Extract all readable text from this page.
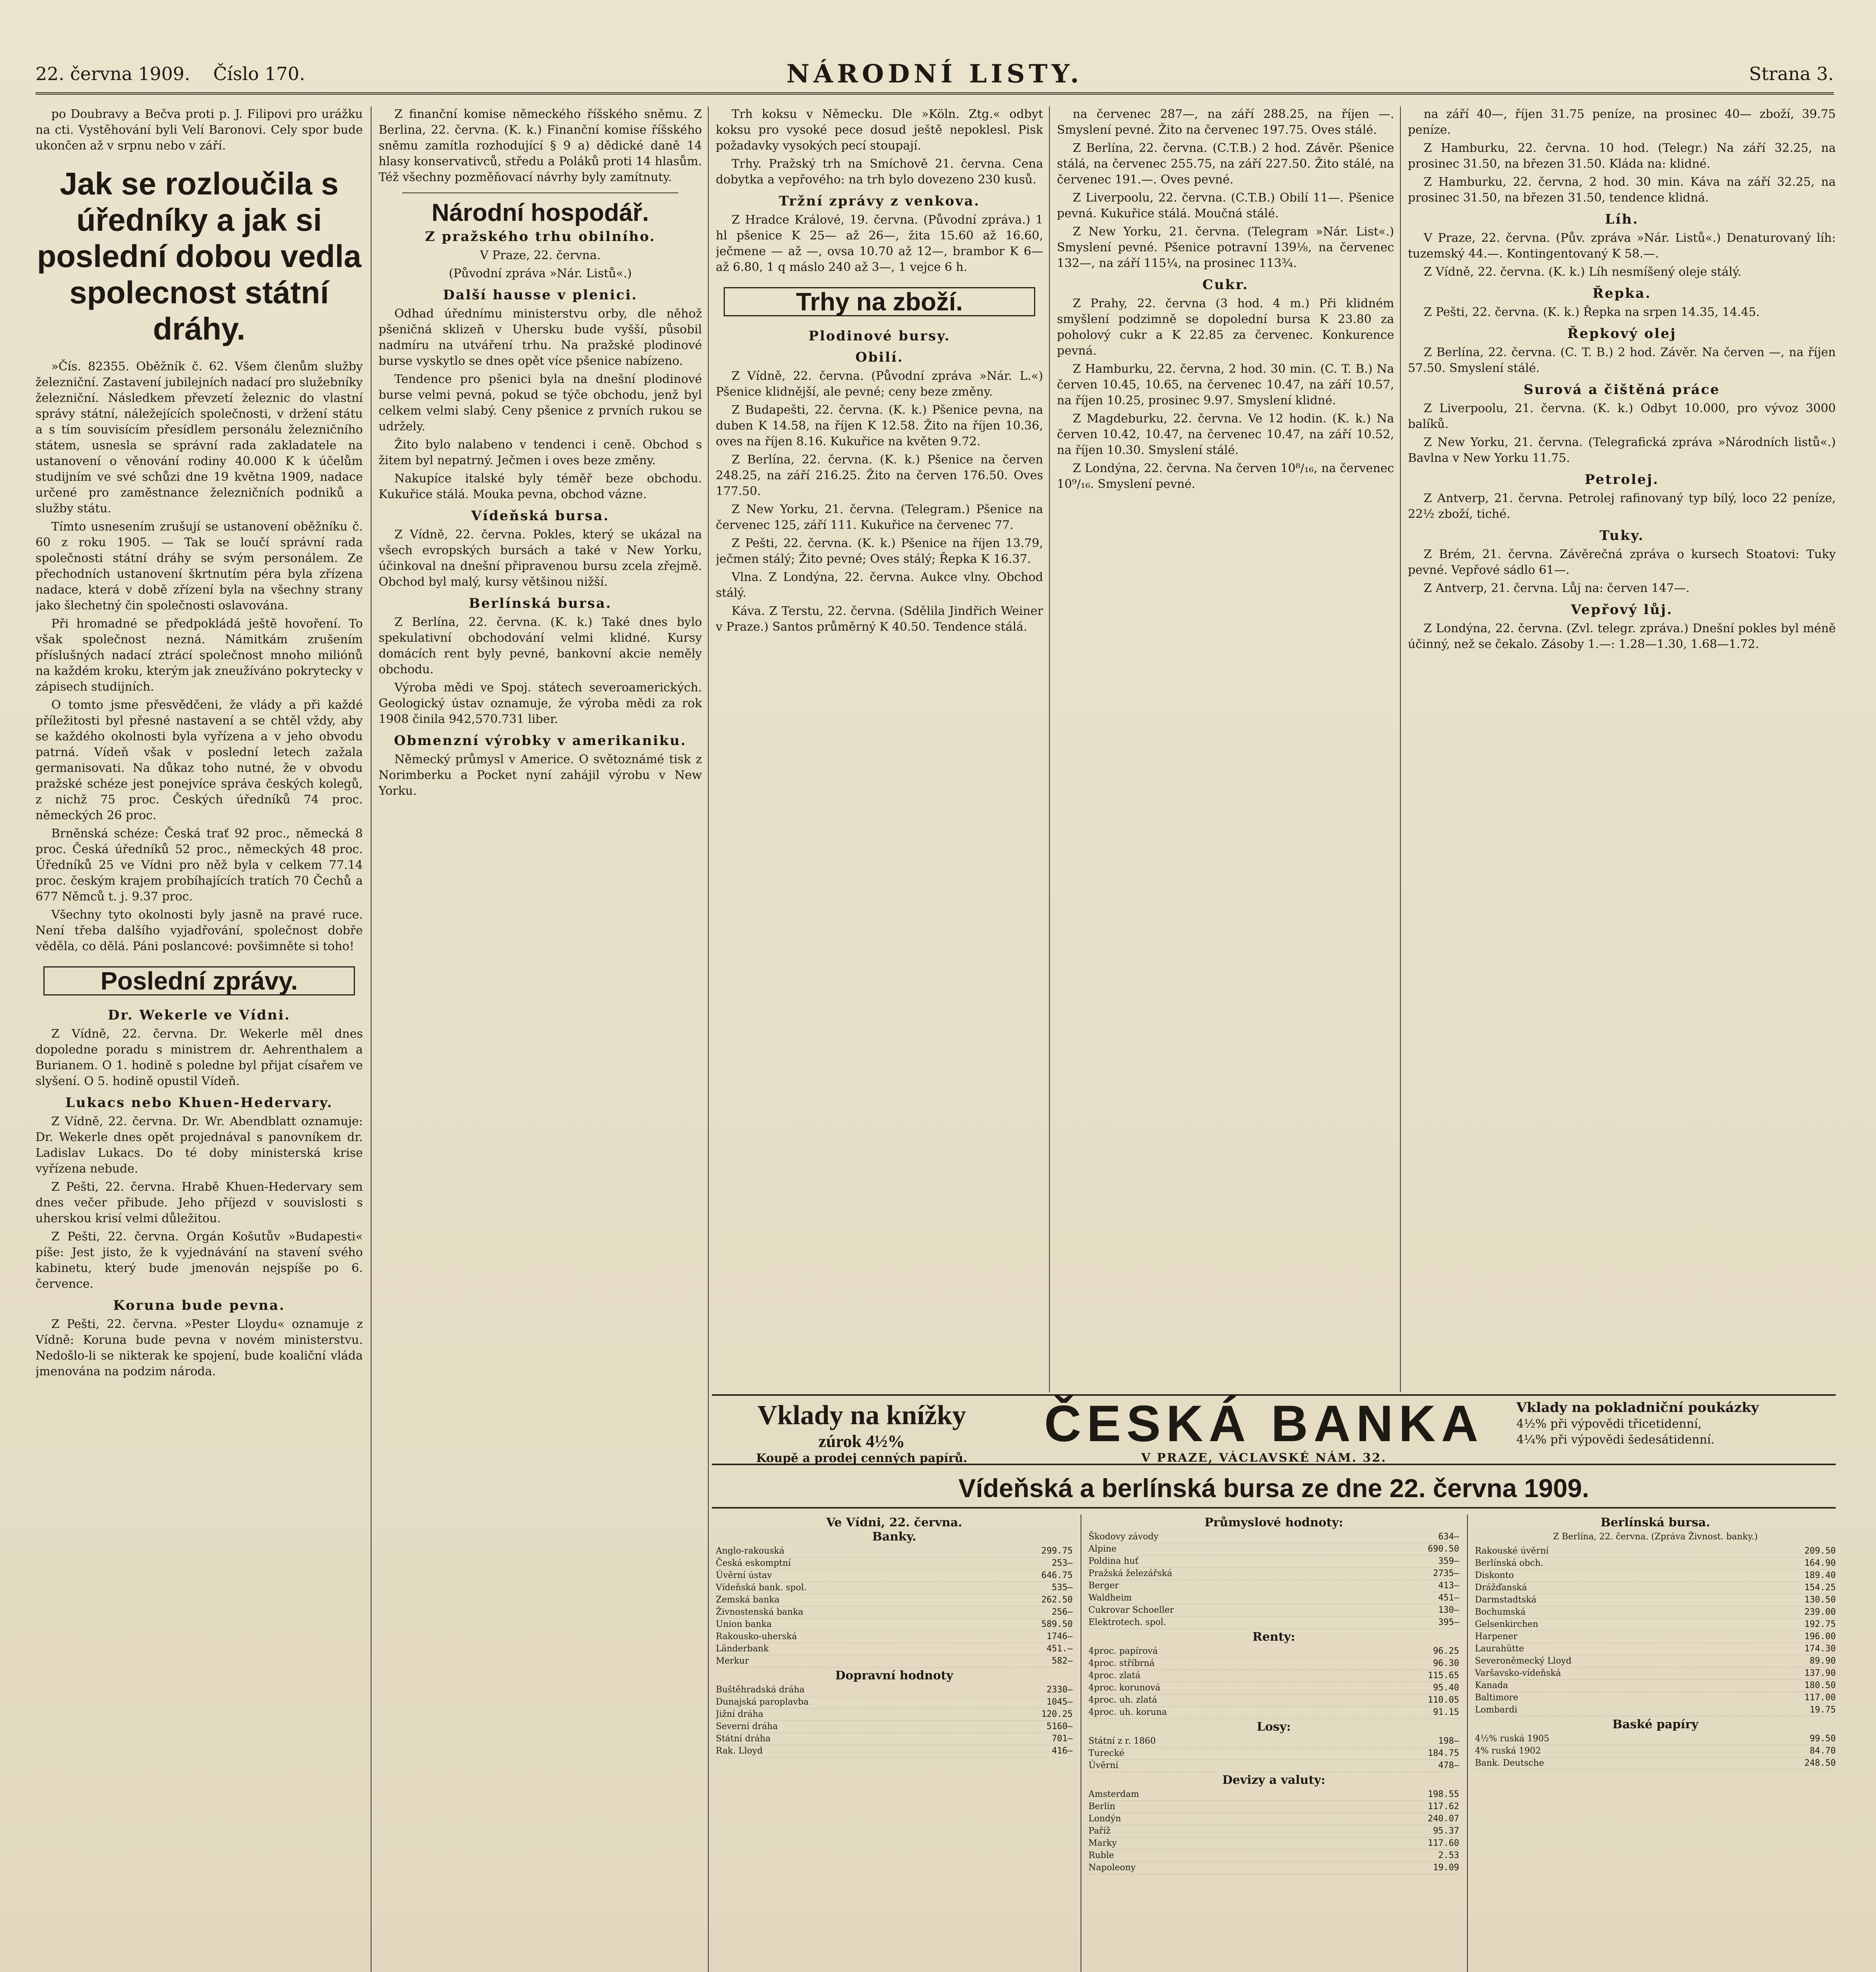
22. června 1909. Číslo 170.	NÁRODNÍ LISTY.	Strana 3.

po Doubravy a Bečva proti p. J. Filipovi pro urážku na cti. Vystěhování byli Velí Baronovi. Cely spor bude ukončen až v srpnu nebo v září.

Jak se rozloučila s úředníky a jak si poslední dobou vedla spolecnost státní dráhy.

»Čís. 82355. Oběžník č. 62. Všem členům služby železniční. Zastavení jubilejních nadací pro služebníky železniční. Následkem převzetí železnic do vlastní správy státní, náležejících společnosti, v držení státu a s tím souvisícím přesídlem personálu železničního státem, usnesla se správní rada zakladatele na ustanovení o věnování rodiny 40.000 K k účelům studijním ve své schůzi dne 19 května 1909, nadace určené pro zaměstnance železničních podniků a služby státu.

Tímto usnesením zrušují se ustanovení oběžníku č. 60 z roku 1905. — Tak se loučí správní rada společnosti státní dráhy se svým personálem. Ze přechodních ustanovení škrtnutím péra byla zřízena nadace, která v době zřízení byla na všechny strany jako šlechetný čin společnosti oslavována.

Při hromadné se předpokládá ještě hovoření. To však společnost nezná. Námitkám zrušením příslušných nadací ztrácí společnost mnoho miliónů na každém kroku, kterým jak zneužíváno pokrytecky v zápisech studijních.

O tomto jsme přesvědčeni, že vlády a při každé příležitosti byl přesné nastavení a se chtěl vždy, aby se každého okolnosti byla vyřízena a v jeho obvodu patrná. Vídeň však v poslední letech zažala germanisovati. Na důkaz toho nutné, že v obvodu pražské schéze jest ponejvíce správa českých kolegů, z nichž 75 proc. Českých úředníků 74 proc. německých 26 proc.

Brněnská schéze: Česká trať 92 proc., německá 8 proc. Česká úředníků 52 proc., německých 48 proc. Úředníků 25 ve Vídni pro něž byla v celkem 77.14 proc. českým krajem probíhajících tratích 70 Čechů a 677 Němců t. j. 9.37 proc.

Všechny tyto okolnosti byly jasně na pravé ruce. Není třeba dalšího vyjadřování, společnost dobře věděla, co dělá. Páni poslancové: povšimněte si toho!

Poslední zprávy.
Dr. Wekerle ve Vídni.

Z Vídně, 22. června. Dr. Wekerle měl dnes dopoledne poradu s ministrem dr. Aehrenthalem a Burianem. O 1. hodině s poledne byl přijat císařem ve slyšení. O 5. hodině opustil Vídeň.

Lukacs nebo Khuen-Hedervary.

Z Vídně, 22. června. Dr. Wr. Abendblatt oznamuje: Dr. Wekerle dnes opět projednával s panovníkem dr. Ladislav Lukacs. Do té doby ministerská krise vyřízena nebude.

Z Pešti, 22. června. Hrabě Khuen-Hedervary sem dnes večer přibude. Jeho příjezd v souvislosti s uherskou krisí velmi důležitou.

Z Pešti, 22. června. Orgán Košutův »Budapesti« píše: Jest jisto, že k vyjednávání na stavení svého kabinetu, který bude jmenován nejspíše po 6. července.

Koruna bude pevna.

Z Pešti, 22. června. »Pester Lloydu« oznamuje z Vídně: Koruna bude pevna v novém ministerstvu. Nedošlo-li se nikterak ke spojení, bude koaliční vláda jmenována na podzim národa.

Z finanční komise německého říšského sněmu. Z Berlina, 22. června. (K. k.) Finanční komise říšského sněmu zamítla rozhodující § 9 a) dědické daně 14 hlasy konservativců, středu a Poláků proti 14 hlasům. Též všechny pozměňovací návrhy byly zamítnuty.

Národní hospodář.
Z pražského trhu obilního.
V Praze, 22. června.
(Původní zpráva »Nár. Listů«.)
Další hausse v plenici.

Odhad úřednímu ministerstvu orby, dle něhož pšeničná sklizeň v Uhersku bude vyšší, působil nadmíru na utváření trhu. Na pražské plodinové burse vyskytlo se dnes opět více pšenice nabízeno.

Tendence pro pšenici byla na dnešní plodinové burse velmi pevná, pokud se týče obchodu, jenž byl celkem velmi slabý. Ceny pšenice z prvních rukou se udržely.

Žito bylo nalabeno v tendenci i ceně. Obchod s žitem byl nepatrný. Ječmen i oves beze změny.

Nakupíce italské byly téměř beze obchodu. Kukuřice stálá. Mouka pevna, obchod vázne.

Vídeňská bursa.

Z Vídně, 22. června. Pokles, který se ukázal na všech evropských bursách a také v New Yorku, účinkoval na dnešní připravenou bursu zcela zřejmě. Obchod byl malý, kursy většinou nižší.

Berlínská bursa.

Z Berlína, 22. června. (K. k.) Také dnes bylo spekulativní obchodování velmi klidné. Kursy domácích rent byly pevné, bankovní akcie neměly obchodu.

Výroba mědi ve Spoj. státech severoamerických. Geologický ústav oznamuje, že výroba mědi za rok 1908 činila 942,570.731 liber.

Obmenzní výrobky v amerikaniku.

Německý průmysl v Americe. O světoznámé tisk z Norimberku a Pocket nyní zahájil výrobu v New Yorku.

Trh koksu v Německu. Dle »Köln. Ztg.« odbyt koksu pro vysoké pece dosud ještě nepoklesl. Pisk požadavky vysokých pecí stoupají.

Trhy. Pražský trh na Smíchově 21. června. Cena dobytka a vepřového: na trh bylo dovezeno 230 kusů.

Tržní zprávy z venkova.

Z Hradce Králové, 19. června. (Původní zpráva.) 1 hl pšenice K 25— až 26—, žita 15.60 až 16.60, ječmene — až —, ovsa 10.70 až 12—, brambor K 6— až 6.80, 1 q máslo 240 až 3—, 1 vejce 6 h.

Trhy na zboží.
Plodinové bursy.
Obilí.

Z Vídně, 22. června. (Původní zpráva »Nár. L.«) Pšenice klidnější, ale pevné; ceny beze změny.

Z Budapešti, 22. června. (K. k.) Pšenice pevna, na duben K 14.58, na říjen K 12.58. Žito na říjen 10.36, oves na říjen 8.16. Kukuřice na květen 9.72.

Z Berlína, 22. června. (K. k.) Pšenice na červen 248.25, na září 216.25. Žito na červen 176.50. Oves 177.50.

Z New Yorku, 21. června. (Telegram.) Pšenice na červenec 125, září 111. Kukuřice na červenec 77.

Z Pešti, 22. června. (K. k.) Pšenice na říjen 13.79, ječmen stálý; Žito pevné; Oves stálý; Řepka K 16.37.

Vlna. Z Londýna, 22. června. Aukce vlny. Obchod stálý.

Káva. Z Terstu, 22. června. (Sdělila Jindřich Weiner v Praze.) Santos průměrný K 40.50. Tendence stálá.

na červenec 287—, na září 288.25, na říjen —. Smyslení pevné. Žito na červenec 197.75. Oves stálé.

Z Berlína, 22. června. (C.T.B.) 2 hod. Závěr. Pšenice stálá, na červenec 255.75, na září 227.50. Žito stálé, na červenec 191.—. Oves pevné.

Z Liverpoolu, 22. června. (C.T.B.) Obilí 11—. Pšenice pevná. Kukuřice stálá. Moučná stálé.

Z New Yorku, 21. června. (Telegram »Nár. List«.) Smyslení pevné. Pšenice potravní 139⅛, na červenec 132—, na září 115¼, na prosinec 113¾.

Cukr.

Z Prahy, 22. června (3 hod. 4 m.) Při klidném smyšlení podzimně se dopolední bursa K 23.80 za poholový cukr a K 22.85 za červenec. Konkurence pevná.

Z Hamburku, 22. června, 2 hod. 30 min. (C. T. B.) Na červen 10.45, 10.65, na červenec 10.47, na září 10.57, na říjen 10.25, prosinec 9.97. Smyslení klidné.

Z Magdeburku, 22. června. Ve 12 hodin. (K. k.) Na červen 10.42, 10.47, na červenec 10.47, na září 10.52, na říjen 10.30. Smyslení stálé.

Z Londýna, 22. června. Na červen 10⁸/₁₆, na červenec 10⁹/₁₆. Smyslení pevné.

na září 40—, říjen 31.75 peníze, na prosinec 40— zboží, 39.75 peníze.

Z Hamburku, 22. června. 10 hod. (Telegr.) Na září 32.25, na prosinec 31.50, na březen 31.50. Kláda na: klidné.

Z Hamburku, 22. června, 2 hod. 30 min. Káva na září 32.25, na prosinec 31.50, na březen 31.50, tendence klidná.

Líh.

V Praze, 22. června. (Pův. zpráva »Nár. Listů«.) Denaturovaný líh: tuzemský 44.—. Kontingentovaný K 58.—.

Z Vídně, 22. června. (K. k.) Líh nesmíšený oleje stálý.

Řepka.

Z Pešti, 22. června. (K. k.) Řepka na srpen 14.35, 14.45.

Řepkový olej

Z Berlína, 22. června. (C. T. B.) 2 hod. Závěr. Na červen —, na říjen 57.50. Smyslení stálé.

Surová a čištěná práce

Z Liverpoolu, 21. června. (K. k.) Odbyt 10.000, pro vývoz 3000 balíků.

Z New Yorku, 21. června. (Telegrafická zpráva »Národních listů«.) Bavlna v New Yorku 11.75.

Petrolej.

Z Antverp, 21. června. Petrolej rafinovaný typ bílý, loco 22 peníze, 22½ zboží, tiché.

Tuky.

Z Brém, 21. června. Závěrečná zpráva o kursech Stoatovi: Tuky pevné. Vepřové sádlo 61—.

Z Antverp, 21. června. Lůj na: červen 147—.

Vepřový lůj.

Z Londýna, 22. června. (Zvl. telegr. zpráva.) Dnešní pokles byl méně účinný, než se čekalo. Zásoby 1.—: 1.28—1.30, 1.68—1.72.

Vklady na knížky
zúrok 4½%
Koupě a prodej cenných papírů.
ČESKÁ BANKA
V PRAZE, VÁCLAVSKÉ NÁM. 32.
Vklady na pokladniční poukázky
4½% při výpovědi třicetidenní,
4¼% při výpovědi šedesátidenní.
Vídeňská a berlínská bursa ze dne 22. června 1909.
Ve Vídni, 22. června.
Banky.
Anglo-rakouská	299.75
Česká eskomptní	253—
Úvěrní ústav	646.75
Vídeňská bank. spol.	535—
Zemská banka	262.50
Živnostenská banka	256—
Union banka	589.50
Rakousko-uherská	1746—
Länderbank	451.—
Merkur	582—
Dopravní hodnoty
Buštěhradská dráha	2330—
Dunajská paroplavba	1045—
Jižní dráha	120.25
Severní dráha	5160—
Státní dráha	701—
Rak. Lloyd	416—
Průmyslové hodnoty:
Škodovy závody	634—
Alpine	690.50
Poldina huť	359—
Pražská železářská	2735—
Berger	413—
Waldheim	451—
Cukrovar Schoeller	130—
Elektrotech. spol.	395—
Renty:
4proc. papírová	96.25
4proc. stříbrná	96.30
4proc. zlatá	115.65
4proc. korunová	95.40
4proc. uh. zlatá	110.05
4proc. uh. koruna	91.15
Losy:
Státní z r. 1860	198—
Turecké	184.75
Úvěrní	478—
Devizy a valuty:
Amsterdam	198.55
Berlín	117.62
Londýn	240.07
Paříž	95.37
Marky	117.60
Ruble	2.53
Napoleony	19.09
Berlínská bursa.
Z Berlína, 22. června. (Zpráva Živnost. banky.)
Rakouské úvěrní	209.50
Berlínská obch.	164.90
Diskonto	189.40
Drážďanská	154.25
Darmstadtská	130.50
Bochumská	239.00
Gelsenkirchen	192.75
Harpener	196.00
Laurahütte	174.30
Severoněmecký Lloyd	89.90
Varšavsko-vídeňská	137.90
Kanada	180.50
Baltimore	117.00
Lombardi	19.75
Baské papíry
4½% ruská 1905	99.50
4% ruská 1902	84.70
Bank. Deutsche	248.50
